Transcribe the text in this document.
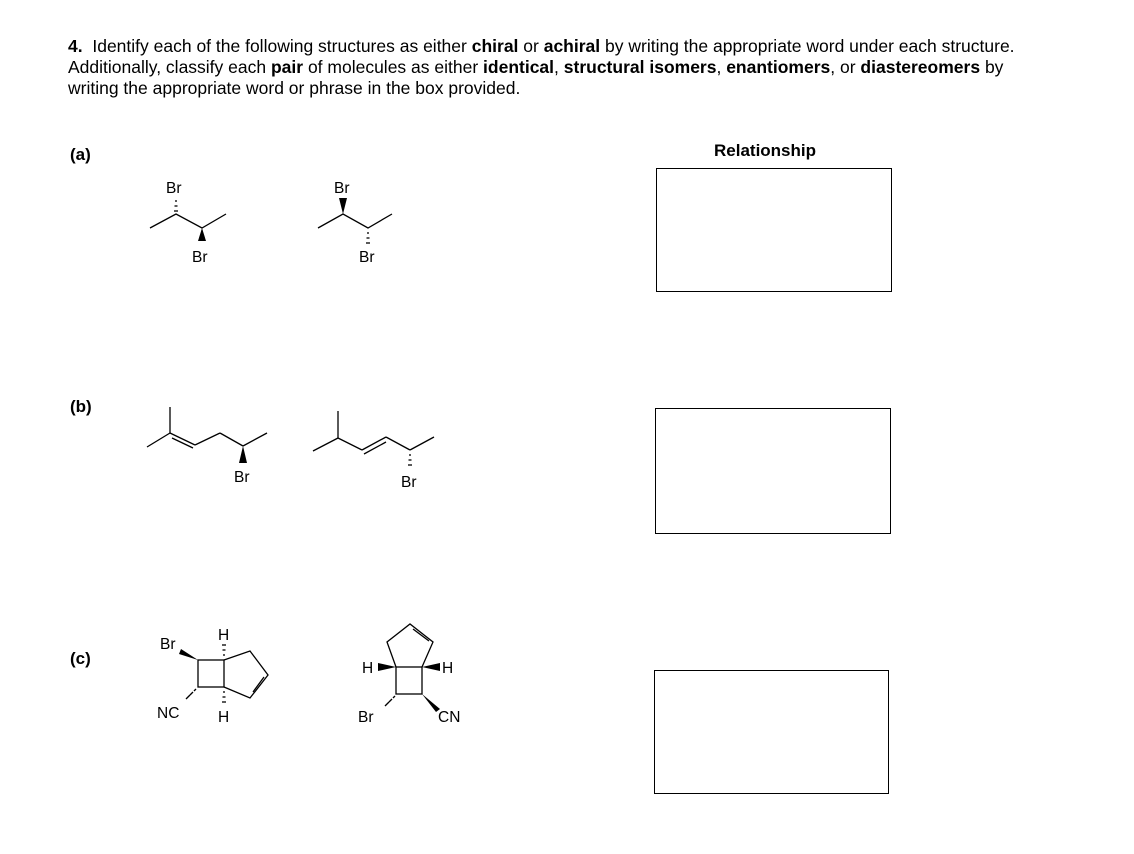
4. Identify each of the following structures as either chiral or achiral by writing the appropriate word under each structure. Additionally, classify each pair of molecules as either identical, structural isomers, enantiomers, or diastereomers by writing the appropriate word or phrase in the box provided.
(a)
(b)
(c)
Relationship
Br
Br
Br
Br
Br	Br
Br
NC
H
H
H	H
Br	CN
